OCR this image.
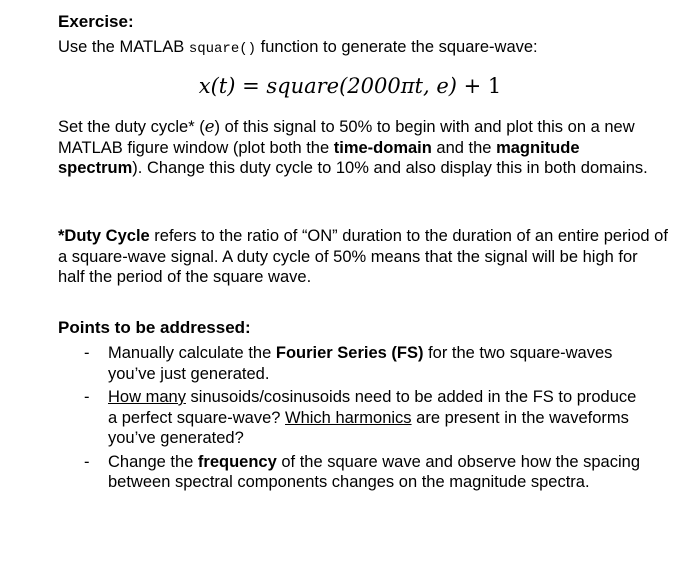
Exercise:
Use the MATLAB square() function to generate the square-wave:
x(t) = square(2000πt, e) + 1
Set the duty cycle* (e) of this signal to 50% to begin with and plot this on a new MATLAB figure window (plot both the time-domain and the magnitude spectrum). Change this duty cycle to 10% and also display this in both domains.
*Duty Cycle refers to the ratio of “ON” duration to the duration of an entire period of a square-wave signal. A duty cycle of 50% means that the signal will be high for half the period of the square wave.
Points to be addressed:
- Manually calculate the Fourier Series (FS) for the two square-waves you’ve just generated.
- How many sinusoids/cosinusoids need to be added in the FS to produce a perfect square-wave? Which harmonics are present in the waveforms you’ve generated?
- Change the frequency of the square wave and observe how the spacing between spectral components changes on the magnitude spectra.
